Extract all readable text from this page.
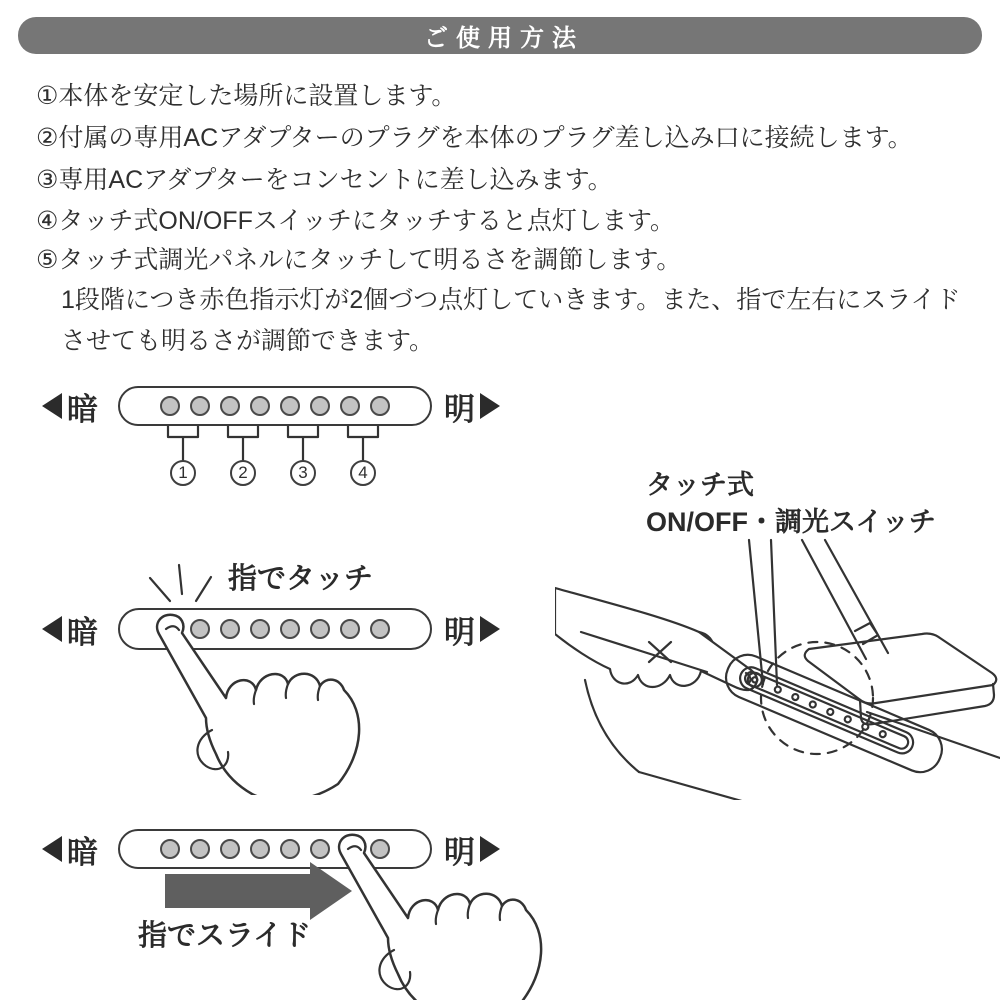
ご使用方法
①本体を安定した場所に設置します。
②付属の専用ACアダプターのプラグを本体のプラグ差し込み口に接続します。
③専用ACアダプターをコンセントに差し込みます。
④タッチ式ON/OFFスイッチにタッチすると点灯します。
⑤タッチ式調光パネルにタッチして明るさを調節します。
1段階につき赤色指示灯が2個づつ点灯していきます。また、指で左右にスライド
させても明るさが調節できます。
暗	明
1	2	3	4
指でタッチ
暗	明
タッチ式
ON/OFF・調光スイッチ
暗	明
指でスライド
